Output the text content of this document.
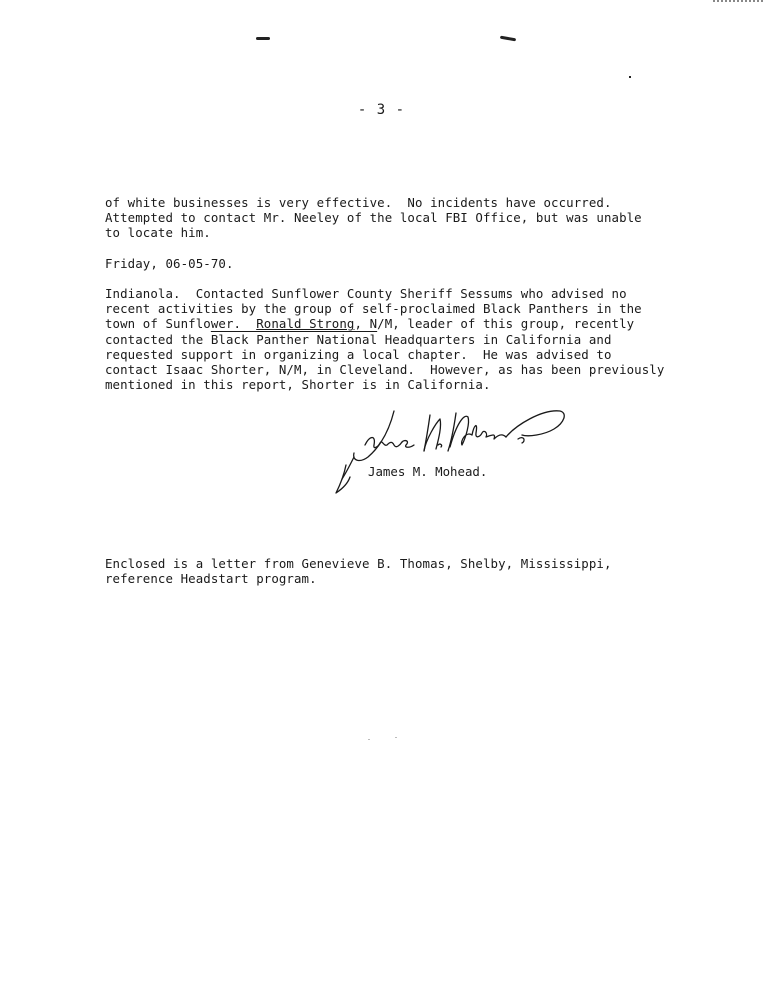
- 3 -
of white businesses is very effective.  No incidents have occurred.
Attempted to contact Mr. Neeley of the local FBI Office, but was unable
to locate him.
Friday, 06-05-70.
Indianola.  Contacted Sunflower County Sheriff Sessums who advised no
recent activities by the group of self-proclaimed Black Panthers in the
town of Sunflower.  Ronald Strong, N/M, leader of this group, recently
contacted the Black Panther National Headquarters in California and
requested support in organizing a local chapter.  He was advised to
contact Isaac Shorter, N/M, in Cleveland.  However, as has been previously
mentioned in this report, Shorter is in California.
James M. Mohead.
Enclosed is a letter from Genevieve B. Thomas, Shelby, Mississippi,
reference Headstart program.
